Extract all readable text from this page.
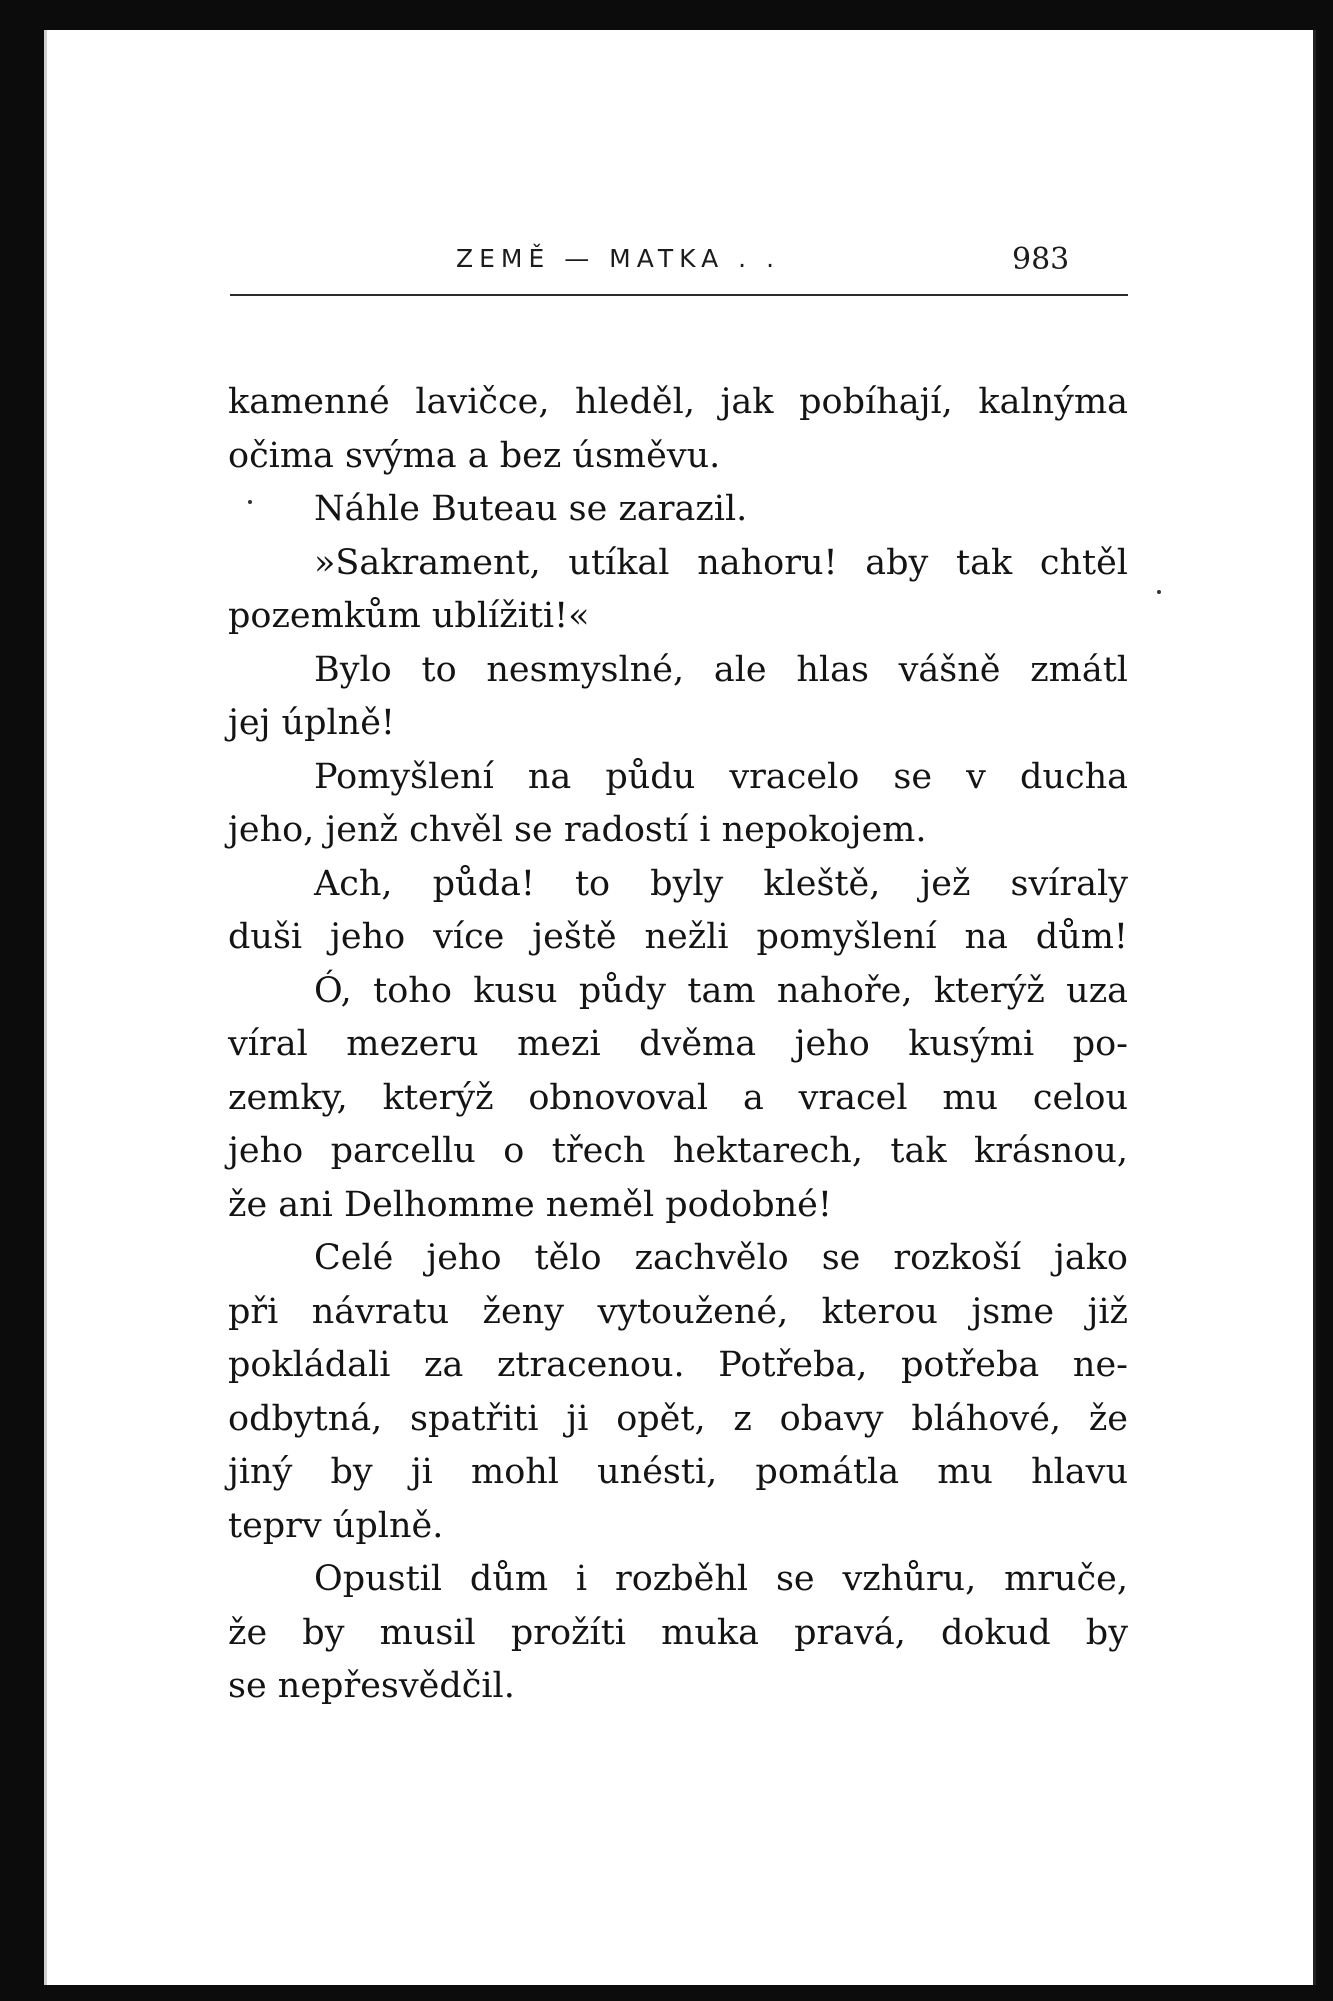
ZEMĚ — MATKA . .	983
kamenné lavičce, hleděl, jak pobíhají, kalnýma
očima svýma a bez úsměvu.
Náhle Buteau se zarazil.
»Sakrament, utíkal nahoru! aby tak chtěl
pozemkům ublížiti!«
Bylo to nesmyslné, ale hlas vášně zmátl
jej úplně!
Pomyšlení na půdu vracelo se v ducha
jeho, jenž chvěl se radostí i nepokojem.
Ach, půda! to byly kleště, jež svíraly
duši jeho více ještě nežli pomyšlení na dům!
Ó, toho kusu půdy tam nahoře, kterýž uza
víral mezeru mezi dvěma jeho kusými po-
zemky, kterýž obnovoval a vracel mu celou
jeho parcellu o třech hektarech, tak krásnou,
že ani Delhomme neměl podobné!
Celé jeho tělo zachvělo se rozkoší jako
při návratu ženy vytoužené, kterou jsme již
pokládali za ztracenou. Potřeba, potřeba ne-
odbytná, spatřiti ji opět, z obavy bláhové, že
jiný by ji mohl unésti, pomátla mu hlavu
teprv úplně.
Opustil dům i rozběhl se vzhůru, mruče,
že by musil prožíti muka pravá, dokud by
se nepřesvědčil.
